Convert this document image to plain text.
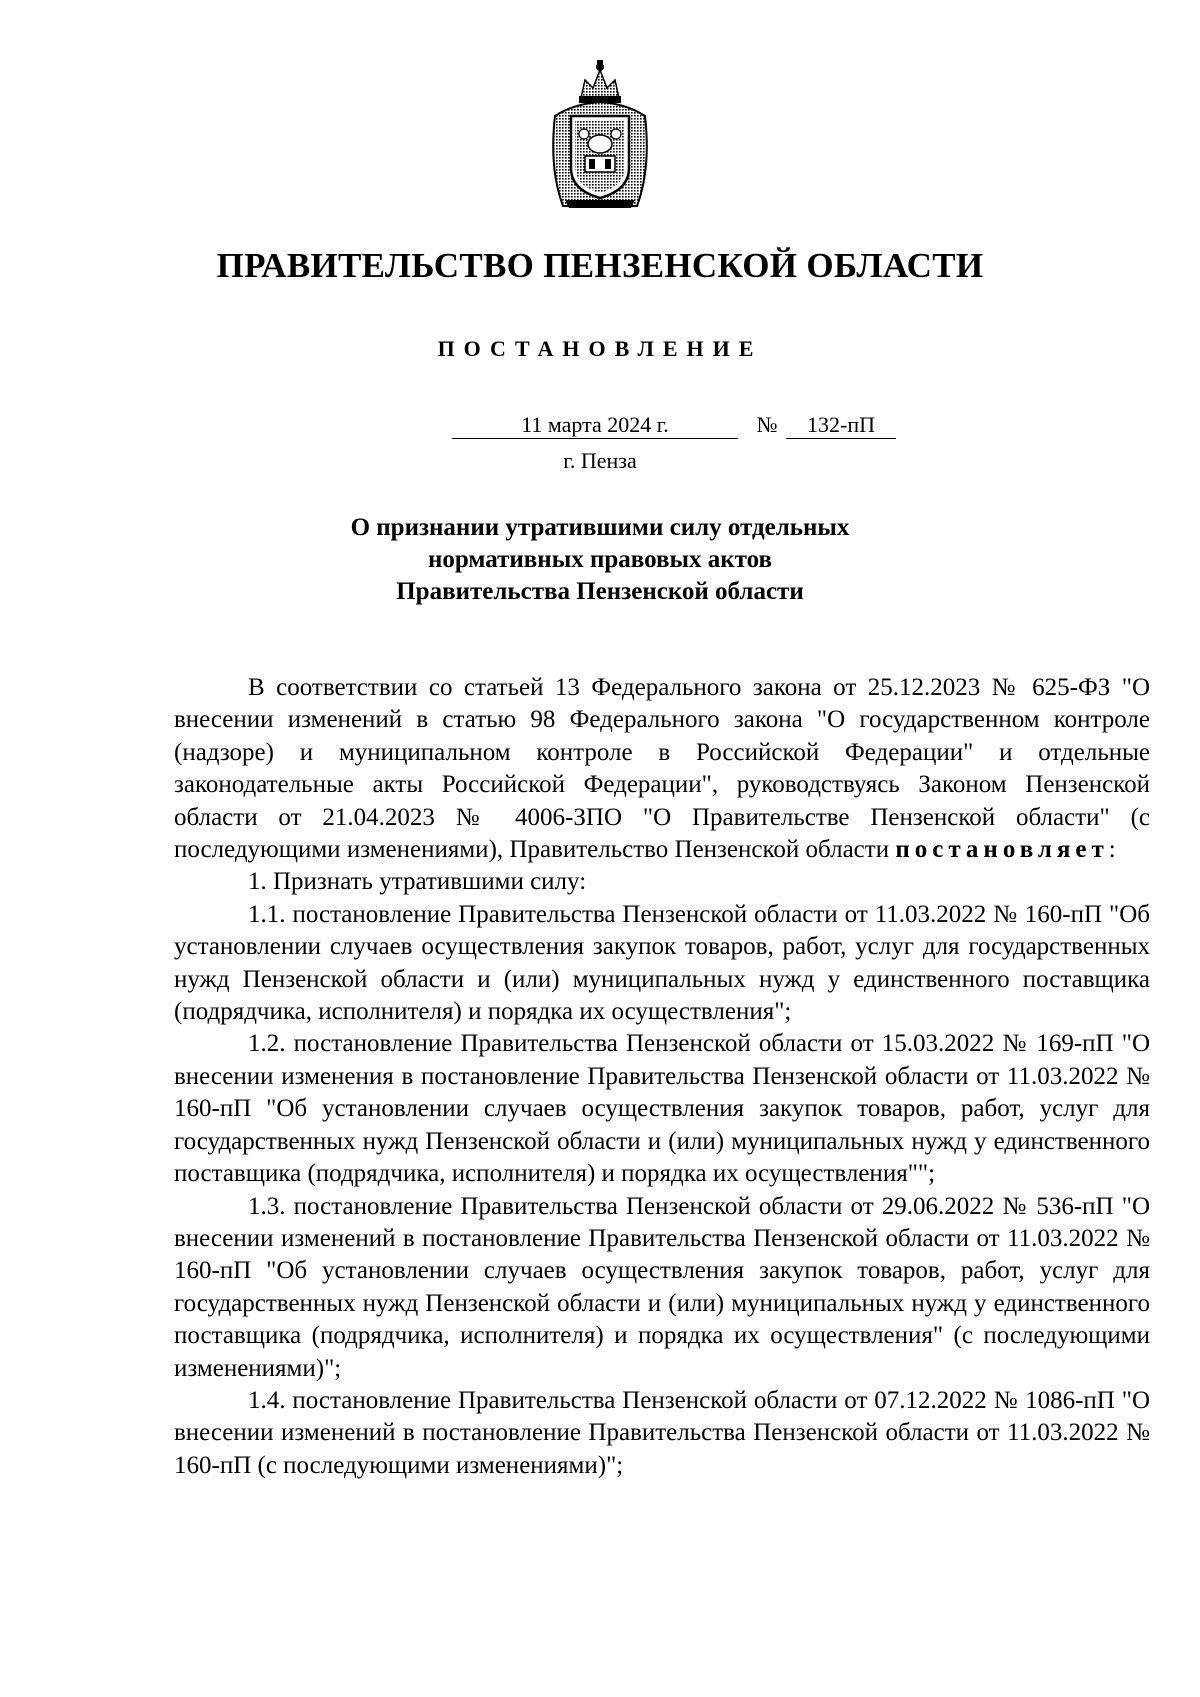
ПРАВИТЕЛЬСТВО ПЕНЗЕНСКОЙ ОБЛАСТИ
ПОСТАНОВЛЕНИЕ
11 марта 2024 г.	№	132-пП
г. Пенза
О признании утратившими силу отдельных
нормативных правовых актов
Правительства Пензенской области

В соответствии со статьей 13 Федерального закона от 25.12.2023 № 625-ФЗ "О внесении изменений в статью 98 Федерального закона "О государственном контроле (надзоре) и муниципальном контроле в Российской Федерации" и отдельные законодательные акты Российской Федерации", руководствуясь Законом Пензенской области от 21.04.2023 № 4006-ЗПО "О Правительстве Пензенской области" (с последующими изменениями), Правительство Пензенской области постановляет:

1. Признать утратившими силу:

1.1. постановление Правительства Пензенской области от 11.03.2022 № 160-пП "Об установлении случаев осуществления закупок товаров, работ, услуг для государственных нужд Пензенской области и (или) муниципальных нужд у единственного поставщика (подрядчика, исполнителя) и порядка их осуществления";

1.2. постановление Правительства Пензенской области от 15.03.2022 № 169-пП "О внесении изменения в постановление Правительства Пензенской области от 11.03.2022 № 160-пП "Об установлении случаев осуществления закупок товаров, работ, услуг для государственных нужд Пензенской области и (или) муниципальных нужд у единственного поставщика (подрядчика, исполнителя) и порядка их осуществления"";

1.3. постановление Правительства Пензенской области от 29.06.2022 № 536-пП "О внесении изменений в постановление Правительства Пензенской области от 11.03.2022 № 160-пП "Об установлении случаев осуществления закупок товаров, работ, услуг для государственных нужд Пензенской области и (или) муниципальных нужд у единственного поставщика (подрядчика, исполнителя) и порядка их осуществления" (с последующими изменениями)";

1.4. постановление Правительства Пензенской области от 07.12.2022 № 1086-пП "О внесении изменений в постановление Правительства Пензенской области от 11.03.2022 № 160-пП (с последующими изменениями)";
